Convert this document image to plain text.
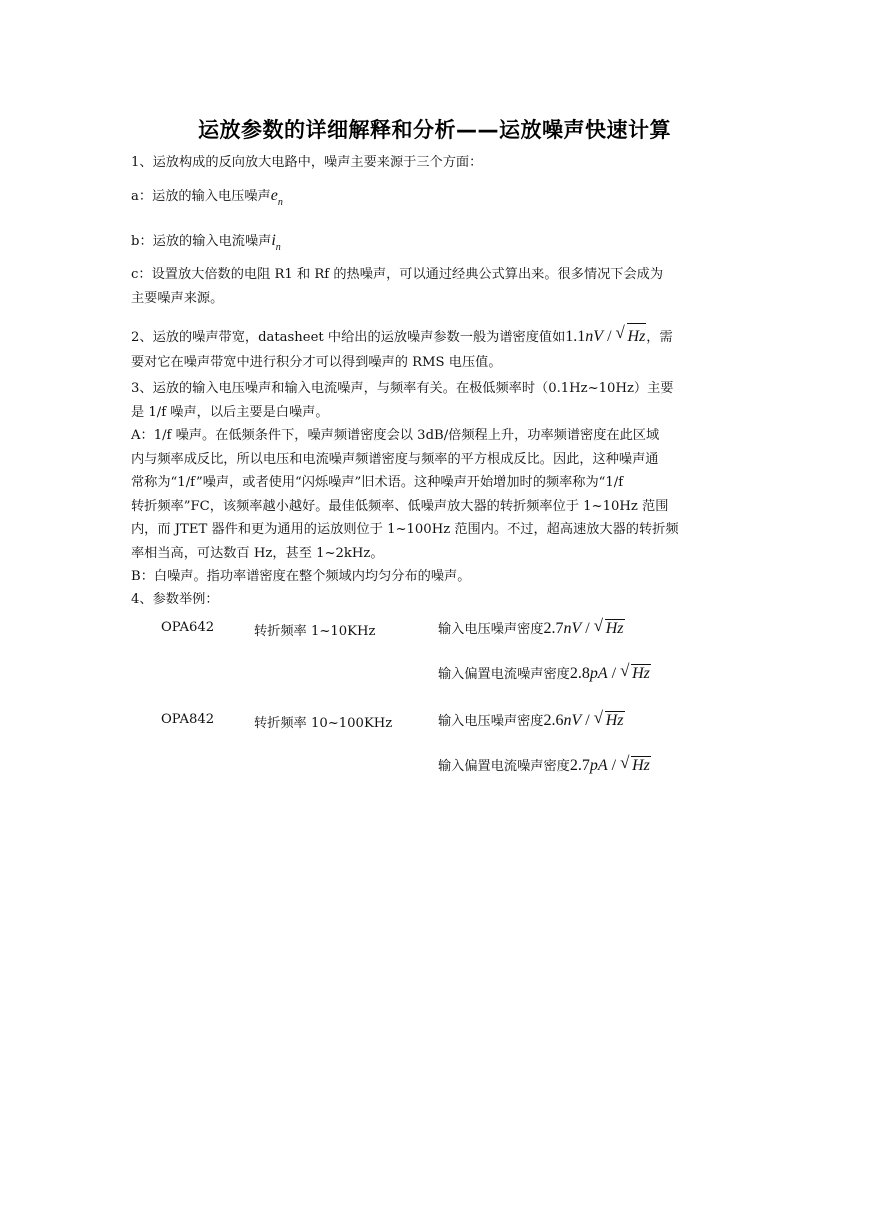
运放参数的详细解释和分析——运放噪声快速计算
1、运放构成的反向放大电路中，噪声主要来源于三个方面：
a：运放的输入电压噪声$e_n$
b：运放的输入电流噪声$i_n$
c：设置放大倍数的电阻 R1 和 Rf 的热噪声，可以通过经典公式算出来。很多情况下会成为
主要噪声来源。
2、运放的噪声带宽，datasheet 中给出的运放噪声参数一般为谱密度值如1.1nV / √ Hz，需
要对它在噪声带宽中进行积分才可以得到噪声的 RMS 电压值。
3、运放的输入电压噪声和输入电流噪声，与频率有关。在极低频率时（0.1Hz~10Hz）主要
是 1/f 噪声，以后主要是白噪声。
A：1/f 噪声。在低频条件下，噪声频谱密度会以 3dB/倍频程上升，功率频谱密度在此区域
内与频率成反比，所以电压和电流噪声频谱密度与频率的平方根成反比。因此，这种噪声通
常称为“1/f”噪声，或者使用“闪烁噪声”旧术语。这种噪声开始增加时的频率称为“1/f
转折频率”FC，该频率越小越好。最佳低频率、低噪声放大器的转折频率位于 1~10Hz 范围
内，而 JTET 器件和更为通用的运放则位于 1~100Hz 范围内。不过，超高速放大器的转折频
率相当高，可达数百 Hz，甚至 1~2kHz。
B：白噪声。指功率谱密度在整个频域内均匀分布的噪声。
4、参数举例：
OPA642	转折频率 1~10KHz	输入电压噪声密度2.7nV / √ Hz
输入偏置电流噪声密度2.8pA / √ Hz
OPA842	转折频率 10~100KHz	输入电压噪声密度2.6nV / √ Hz
输入偏置电流噪声密度2.7pA / √ Hz
